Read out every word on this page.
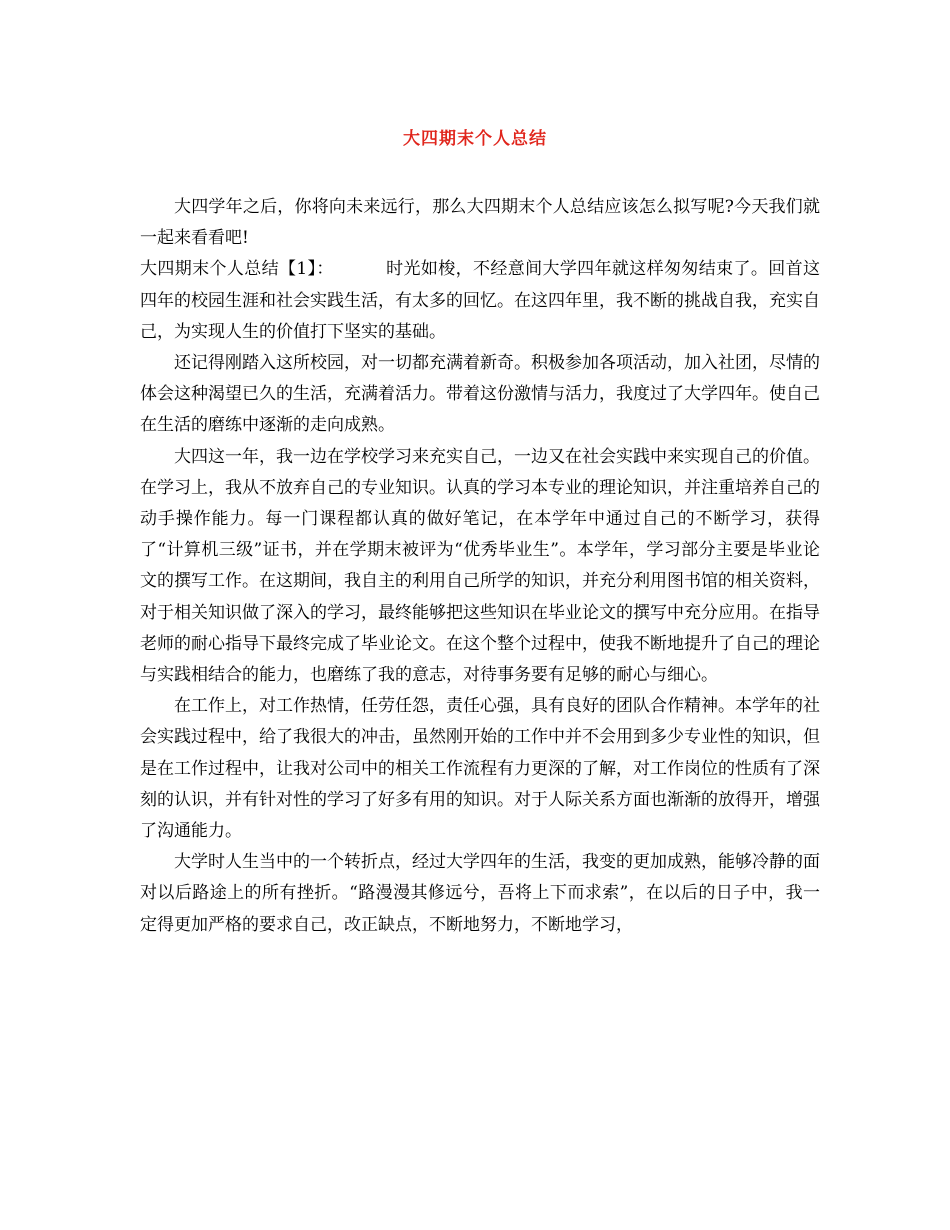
大四期末个人总结

大四学年之后，你将向未来远行，那么大四期末个人总结应该怎么拟写呢?今天我们就一起来看看吧!

大四期末个人总结【1】：	时光如梭，不经意间大学四年就这样匆匆结束了。回首这四年的校园生涯和社会实践生活，有太多的回忆。在这四年里，我不断的挑战自我，充实自己，为实现人生的价值打下坚实的基础。

还记得刚踏入这所校园，对一切都充满着新奇。积极参加各项活动，加入社团，尽情的体会这种渴望已久的生活，充满着活力。带着这份激情与活力，我度过了大学四年。使自己在生活的磨练中逐渐的走向成熟。

大四这一年，我一边在学校学习来充实自己，一边又在社会实践中来实现自己的价值。 在学习上，我从不放弃自己的专业知识。认真的学习本专业的理论知识，并注重培养自己的动手操作能力。每一门课程都认真的做好笔记，在本学年中通过自己的不断学习，获得了“计算机三级”证书，并在学期末被评为“优秀毕业生”。本学年，学习部分主要是毕业论文的撰写工作。在这期间，我自主的利用自己所学的知识，并充分利用图书馆的相关资料，对于相关知识做了深入的学习，最终能够把这些知识在毕业论文的撰写中充分应用。在指导老师的耐心指导下最终完成了毕业论文。在这个整个过程中，使我不断地提升了自己的理论与实践相结合的能力，也磨练了我的意志，对待事务要有足够的耐心与细心。

在工作上，对工作热情，任劳任怨，责任心强，具有良好的团队合作精神。本学年的社会实践过程中，给了我很大的冲击，虽然刚开始的工作中并不会用到多少专业性的知识，但是在工作过程中，让我对公司中的相关工作流程有力更深的了解，对工作岗位的性质有了深刻的认识，并有针对性的学习了好多有用的知识。对于人际关系方面也渐渐的放得开，增强了沟通能力。

大学时人生当中的一个转折点，经过大学四年的生活，我变的更加成熟，能够冷静的面对以后路途上的所有挫折。“路漫漫其修远兮，吾将上下而求索”，在以后的日子中，我一定得更加严格的要求自己，改正缺点，不断地努力，不断地学习，
